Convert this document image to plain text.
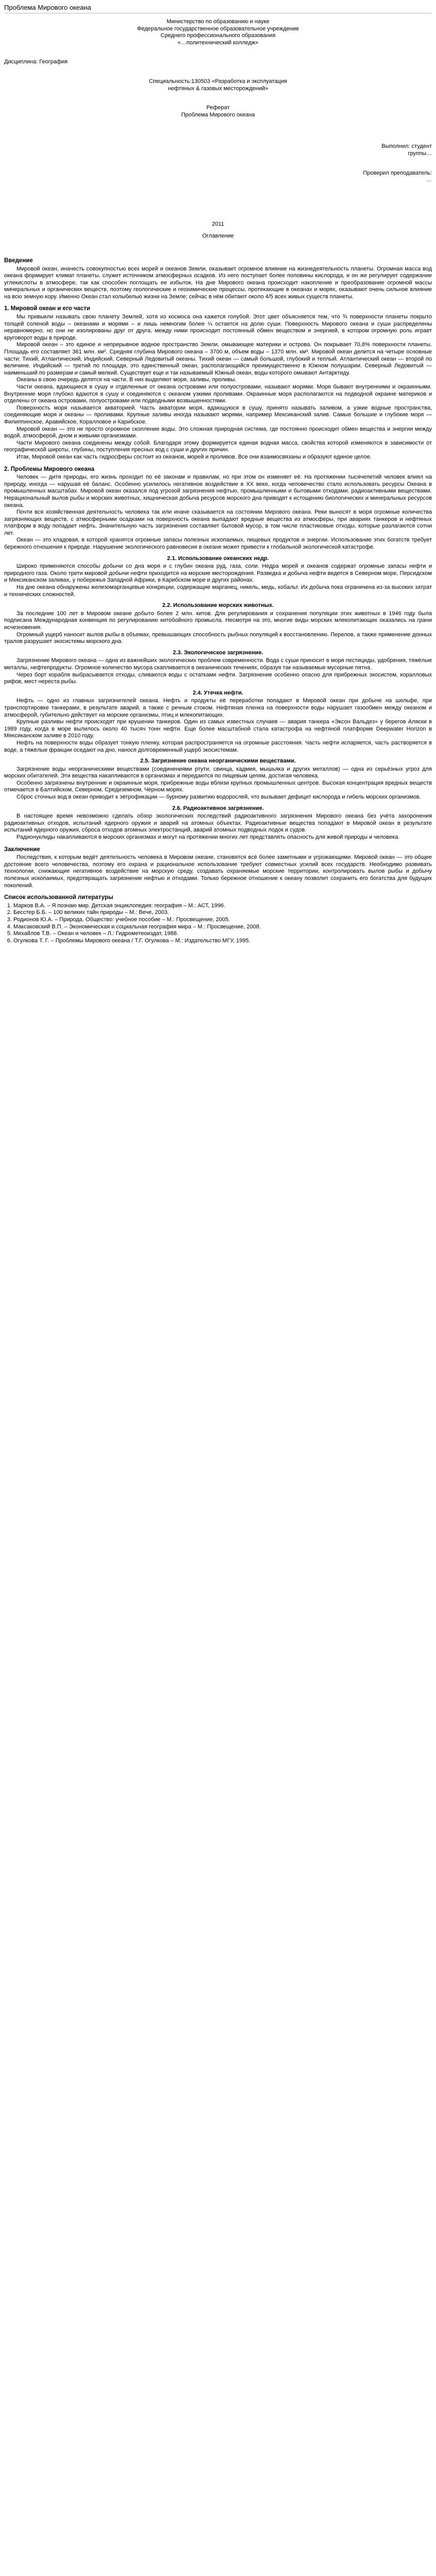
Проблема Мирового океана

Министерство по образованию и науке

Федеральное государственное образовательное учреждение

Среднего профессионального образования

«…политехнический колледж»

Дисциплина: География

Специальность:130503 «Разработка и эксплуатация

нефтяных & газовых месторождений»

Реферат

Проблема Мирового океана

Выполнил: студент

группы…

Проверил преподаватель:

…

2011

Оглавление

Введение

Мировой океан, иначесть совокупностью всех морей и океанов Земли, оказывает огромное влияние на жизнедеятельность планеты. Огромная масса вод океана формирует климат планеты, служит источником атмосферных осадков. Из него поступает более половины кислорода, и он же регулирует содержание углекислоты в атмосфере, так как способен поглощать ее избыток. На дне Мирового океана происходит накопление и преобразование огромной массы минеральных и органических веществ, поэтому геологические и геохимические процессы, протекающие в океанах и морях, оказывают очень сильное влияние на всю земную кору. Именно Океан стал колыбелью жизни на Земле; сейчас в нём обитают около 4/5 всех живых существ планеты.

1. Мировой океан и его части

Мы привыкли называть свою планету Землей, хотя из космоса она кажется голубой. Этот цвет объясняется тем, что ¾ поверхности планеты покрыто толщей соленой воды – океанами и морями – и лишь немногим более ¼ остается на долю суши. Поверхность Мирового океана и суши распределены неравномерно, но они не изолированы друг от друга, между ними происходит постоянный обмен веществом и энергией, в котором огромную роль играет круговорот воды в природе.

Мировой океан – это единое и непрерывное водное пространство Земли, омывающее материки и острова. Он покрывает 70,8% поверхности планеты. Площадь его составляет 361 млн. км². Средняя глубина Мирового океана – 3700 м, объем воды – 1370 млн. км³. Мировой океан делится на четыре основные части: Тихий, Атлантический, Индийский, Северный Ледовитый океаны. Тихий океан — самый большой, глубокий и теплый. Атлантический океан — второй по величине. Индийский — третий по площади, это единственный океан, располагающийся преимущественно в Южном полушарии. Северный Ледовитый — наименьший по размерам и самый мелкий. Существует еще и так называемый Южный океан, воды которого омывают Антарктиду.

Океаны в свою очередь делятся на части. В них выделяют моря, заливы, проливы.

Части океана, вдающиеся в сушу и отделенные от океана островами или полуостровами, называют морями. Моря бывают внутренними и окраинными. Внутренние моря глубоко вдаются в сушу и соединяются с океаном узкими проливами. Окраинные моря располагаются на подводной окраине материков и отделены от океана островами, полуостровами или подводными возвышенностями.

Поверхность моря называется акваторией. Часть акватории моря, вдающуюся в сушу, принято называть заливом, а узкие водные пространства, соединяющие моря и океаны — проливами. Крупные заливы иногда называют морями, например Мексиканский залив. Самые большие и глубокие моря — Филиппинское, Аравийское, Коралловое и Карибское.

Мировой океан — это не просто огромное скопление воды. Это сложная природная система, где постоянно происходит обмен вещества и энергии между водой, атмосферой, дном и живыми организмами.

Части Мирового океана соединены между собой. Благодаря этому формируется единая водная масса, свойства которой изменяются в зависимости от географической широты, глубины, поступления пресных вод с суши и других причин.

Итак, Мировой океан как часть гидросферы состоит из океанов, морей и проливов. Все они взаимосвязаны и образуют единое целое.

2. Проблемы Мирового океана

Человек — дитя природы, его жизнь проходит по её законам и правилам, но при этом он изменяет её. На протяжении тысячелетий человек влиял на природу, иногда — нарушая её баланс. Особенно усилилось негативное воздействие в XX веке, когда человечество стало использовать ресурсы Океана в промышленных масштабах. Мировой океан оказался под угрозой загрязнения нефтью, промышленными и бытовыми отходами, радиоактивными веществами. Нерациональный вылов рыбы и морских животных, хищническая добыча ресурсов морского дна приводят к истощению биологических и минеральных ресурсов океана.

Почти вся хозяйственная деятельность человека так или иначе сказывается на состоянии Мирового океана. Реки выносят в моря огромные количества загрязняющих веществ, с атмосферными осадками на поверхность океана выпадают вредные вещества из атмосферы, при авариях танкеров и нефтяных платформ в воду попадает нефть. Значительную часть загрязнения составляет бытовой мусор, в том числе пластиковые отходы, которые разлагаются сотни лет.

Океан — это кладовая, в которой хранятся огромные запасы полезных ископаемых, пищевых продуктов и энергии. Использование этих богатств требует бережного отношения к природе. Нарушение экологического равновесия в океане может привести к глобальной экологической катастрофе.

2.1. Использование океанских недр.

Широко применяются способы добычи со дна моря и с глубин океана руд, газа, соли. Недра морей и океанов содержат огромные запасы нефти и природного газа. Около трети мировой добычи нефти приходится на морские месторождения. Разведка и добыча нефти ведется в Северном море, Персидском и Мексиканском заливах, у побережья Западной Африки, в Карибском море и других районах.

На дне океана обнаружены железомарганцевые конкреции, содержащие марганец, никель, медь, кобальт. Их добыча пока ограничена из-за высоких затрат и технических сложностей.

2.2. Использование морских животных.

За последние 100 лет в Мировом океане добыто более 2 млн. китов. Для регулирования и сохранения популяции этих животных в 1946 году была подписана Международная конвенция по регулированию китобойного промысла. Несмотря на это, многие виды морских млекопитающих оказались на грани исчезновения.

Огромный ущерб наносит вылов рыбы в объемах, превышающих способность рыбных популяций к восстановлению. Перелов, а также применение донных тралов разрушает экосистемы морского дна.

2.3. Экологическое загрязнение.

Загрязнение Мирового океана — одна из важнейших экологических проблем современности. Вода с суши приносит в моря пестициды, удобрения, тяжёлые металлы, нефтепродукты. Огромное количество мусора скапливается в океанических течениях, образуя так называемые мусорные пятна.

Через борт корабля выбрасывается отходы, сливаются воды с остатками нефти. Загрязнение особенно опасно для прибрежных экосистем, коралловых рифов, мест нереста рыбы.

2.4. Утечка нефти.

Нефть — одно из главных загрязнителей океана. Нефть и продукты её переработки попадают в Мировой океан при добыче на шельфе, при транспортировке танкерами, в результате аварий, а также с речным стоком. Нефтяная пленка на поверхности воды нарушает газообмен между океаном и атмосферой, губительно действует на морские организмы, птиц и млекопитающих.

Крупные разливы нефти происходят при крушении танкеров. Один из самых известных случаев — авария танкера «Эксон Вальдез» у берегов Аляски в 1989 году, когда в море вылилось около 40 тысяч тонн нефти. Еще более масштабной стала катастрофа на нефтяной платформе Deepwater Horizon в Мексиканском заливе в 2010 году.

Нефть на поверхности воды образует тонкую пленку, которая распространяется на огромные расстояния. Часть нефти испаряется, часть растворяется в воде, а тяжёлые фракции оседают на дно, нанося долговременный ущерб экосистемам.

2.5. Загрязнение океана неорганическими веществами.

Загрязнение воды неорганическими веществами (соединениями ртути, свинца, кадмия, мышьяка и других металлов) — одна из серьёзных угроз для морских обитателей. Эти вещества накапливаются в организмах и передаются по пищевым цепям, достигая человека.

Особенно загрязнены внутренние и окраинные моря, прибрежные воды вблизи крупных промышленных центров. Высокая концентрация вредных веществ отмечается в Балтийском, Северном, Средиземном, Чёрном морях.

Сброс сточных вод в океан приводит к эвтрофикации — бурному развитию водорослей, что вызывает дефицит кислорода и гибель морских организмов.

2.6. Радиоактивное загрязнение.

В настоящее время невозможно сделать обзор экологических последствий радиоактивного загрязнения Мирового океана без учёта захоронения радиоактивных отходов, испытаний ядерного оружия и аварий на атомных объектах. Радиоактивные вещества попадают в Мировой океан в результате испытаний ядерного оружия, сброса отходов атомных электростанций, аварий атомных подводных лодок и судов.

Радионуклиды накапливаются в морских организмах и могут на протяжении многих лет представлять опасность для живой природы и человека.

Заключение

Последствия, к которым ведёт деятельность человека в Мировом океане, становятся всё более заметными и угрожающими. Мировой океан — это общее достояние всего человечества, поэтому его охрана и рациональное использование требуют совместных усилий всех государств. Необходимо развивать технологии, снижающие негативное воздействие на морскую среду, создавать охраняемые морские территории, контролировать вылов рыбы и добычу полезных ископаемых, предотвращать загрязнение нефтью и отходами. Только бережное отношение к океану позволит сохранить его богатства для будущих поколений.

Список использованной литературы
1. Марков В.А. – Я познаю мир. Детская энциклопедия: география – М.: АСТ, 1996.
2. Бесстер Б.Б. – 100 великих тайн природы – М.: Вече, 2003.
3. Родионов Ю.А. – Природа. Общество: учебное пособие – М.: Просвещение, 2005.
4. Максаковский В.П. – Экономическая и социальная география мира – М.: Просвещение, 2008.
5. Михайлов Т.В. – Океан и человек – Л.: Гидрометеоиздат, 1988.
6. Огулкова Т. Г. – Проблемы Мирового океана / Т.Г. Огулкова – М.: Издательство МГУ, 1995.
